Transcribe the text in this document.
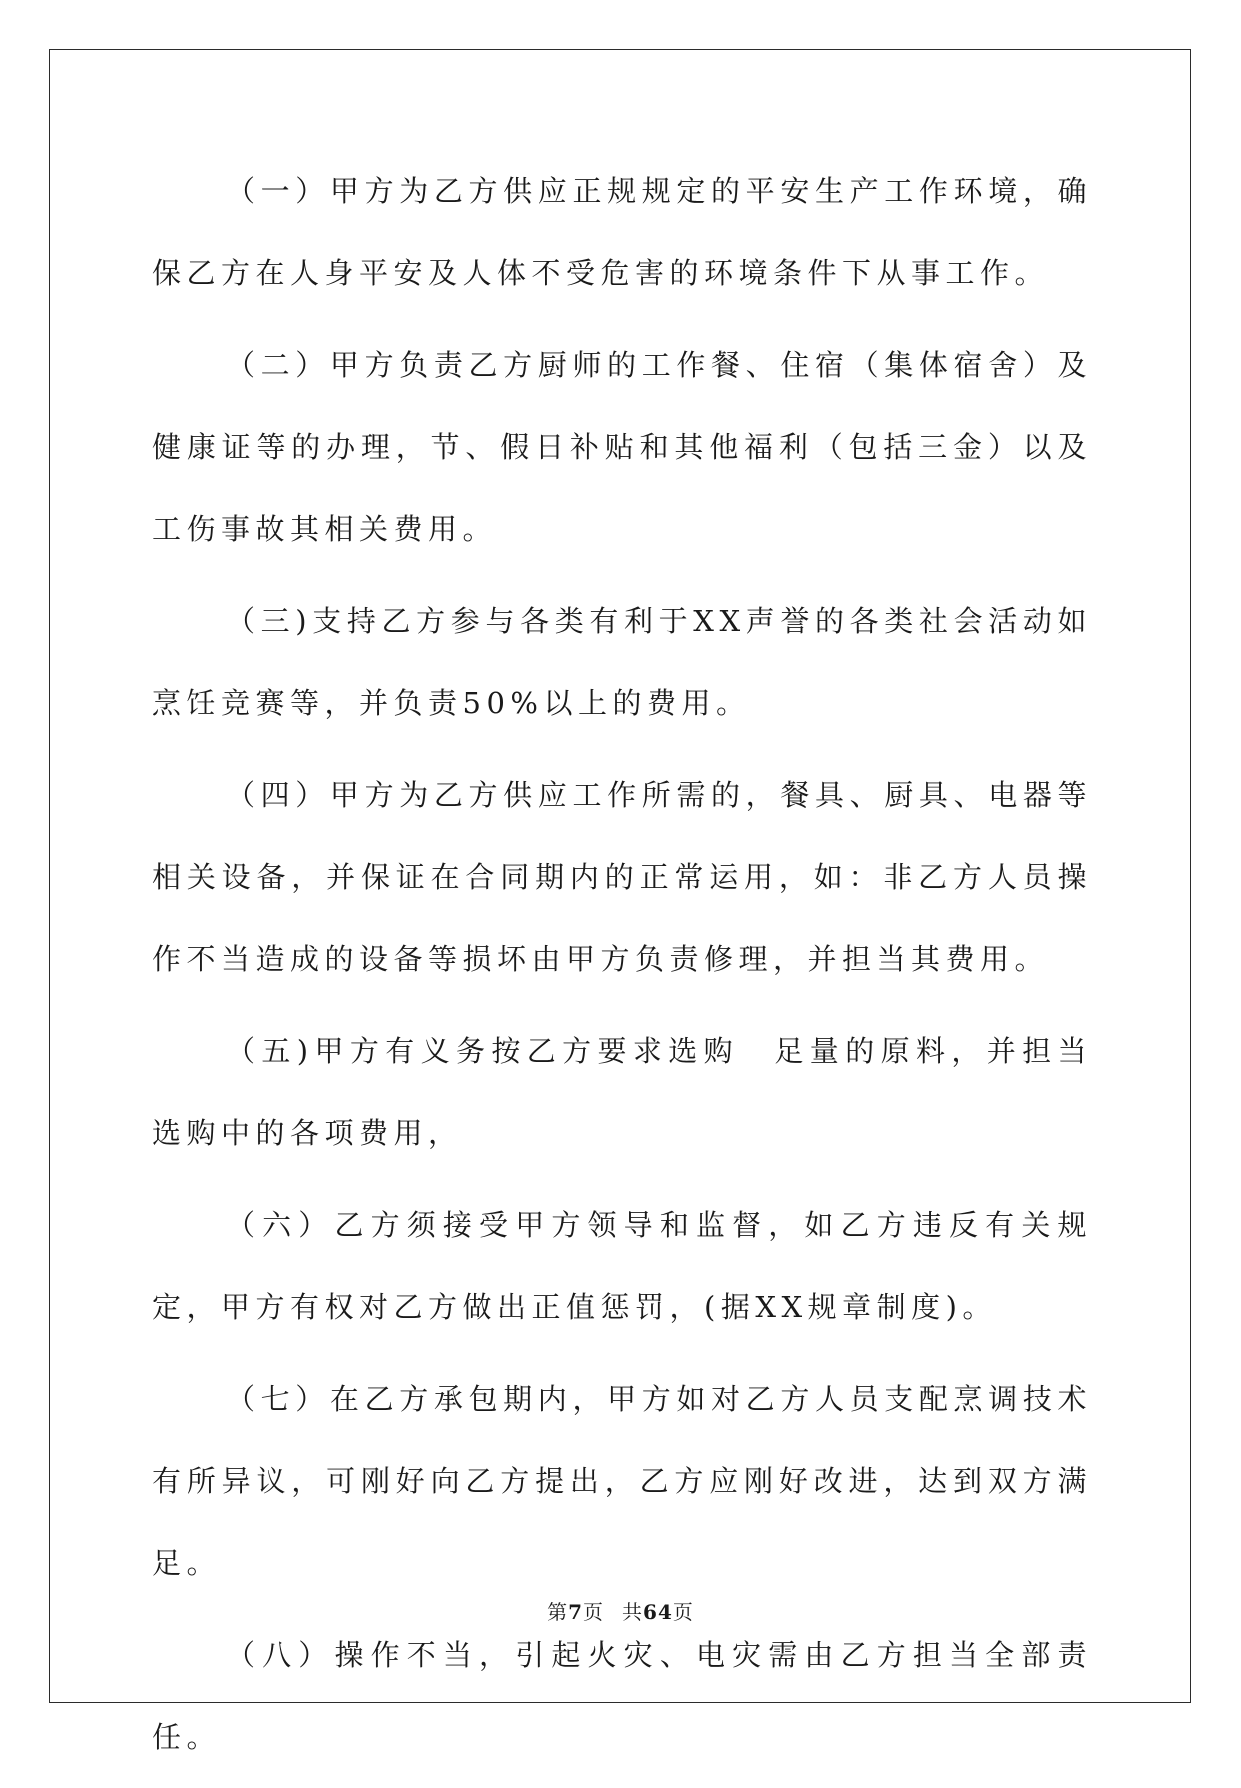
（一）甲方为乙方供应正规规定的平安生产工作环境，确保乙方在人身平安及人体不受危害的环境条件下从事工作。

（二）甲方负责乙方厨师的工作餐、住宿（集体宿舍）及健康证等的办理，节、假日补贴和其他福利（包括三金）以及工伤事故其相关费用。

（三)支持乙方参与各类有利于XX声誉的各类社会活动如烹饪竞赛等，并负责50%以上的费用。

（四）甲方为乙方供应工作所需的，餐具、厨具、电器等相关设备，并保证在合同期内的正常运用，如：非乙方人员操作不当造成的设备等损坏由甲方负责修理，并担当其费用。

（五)甲方有义务按乙方要求选购　足量的原料，并担当选购中的各项费用，

（六）乙方须接受甲方领导和监督，如乙方违反有关规定，甲方有权对乙方做出正值惩罚，(据XX规章制度)。

（七）在乙方承包期内，甲方如对乙方人员支配烹调技术有所异议，可刚好向乙方提出，乙方应刚好改进，达到双方满足。

（八）操作不当，引起火灾、电灾需由乙方担当全部责任。

第7页 共64页
